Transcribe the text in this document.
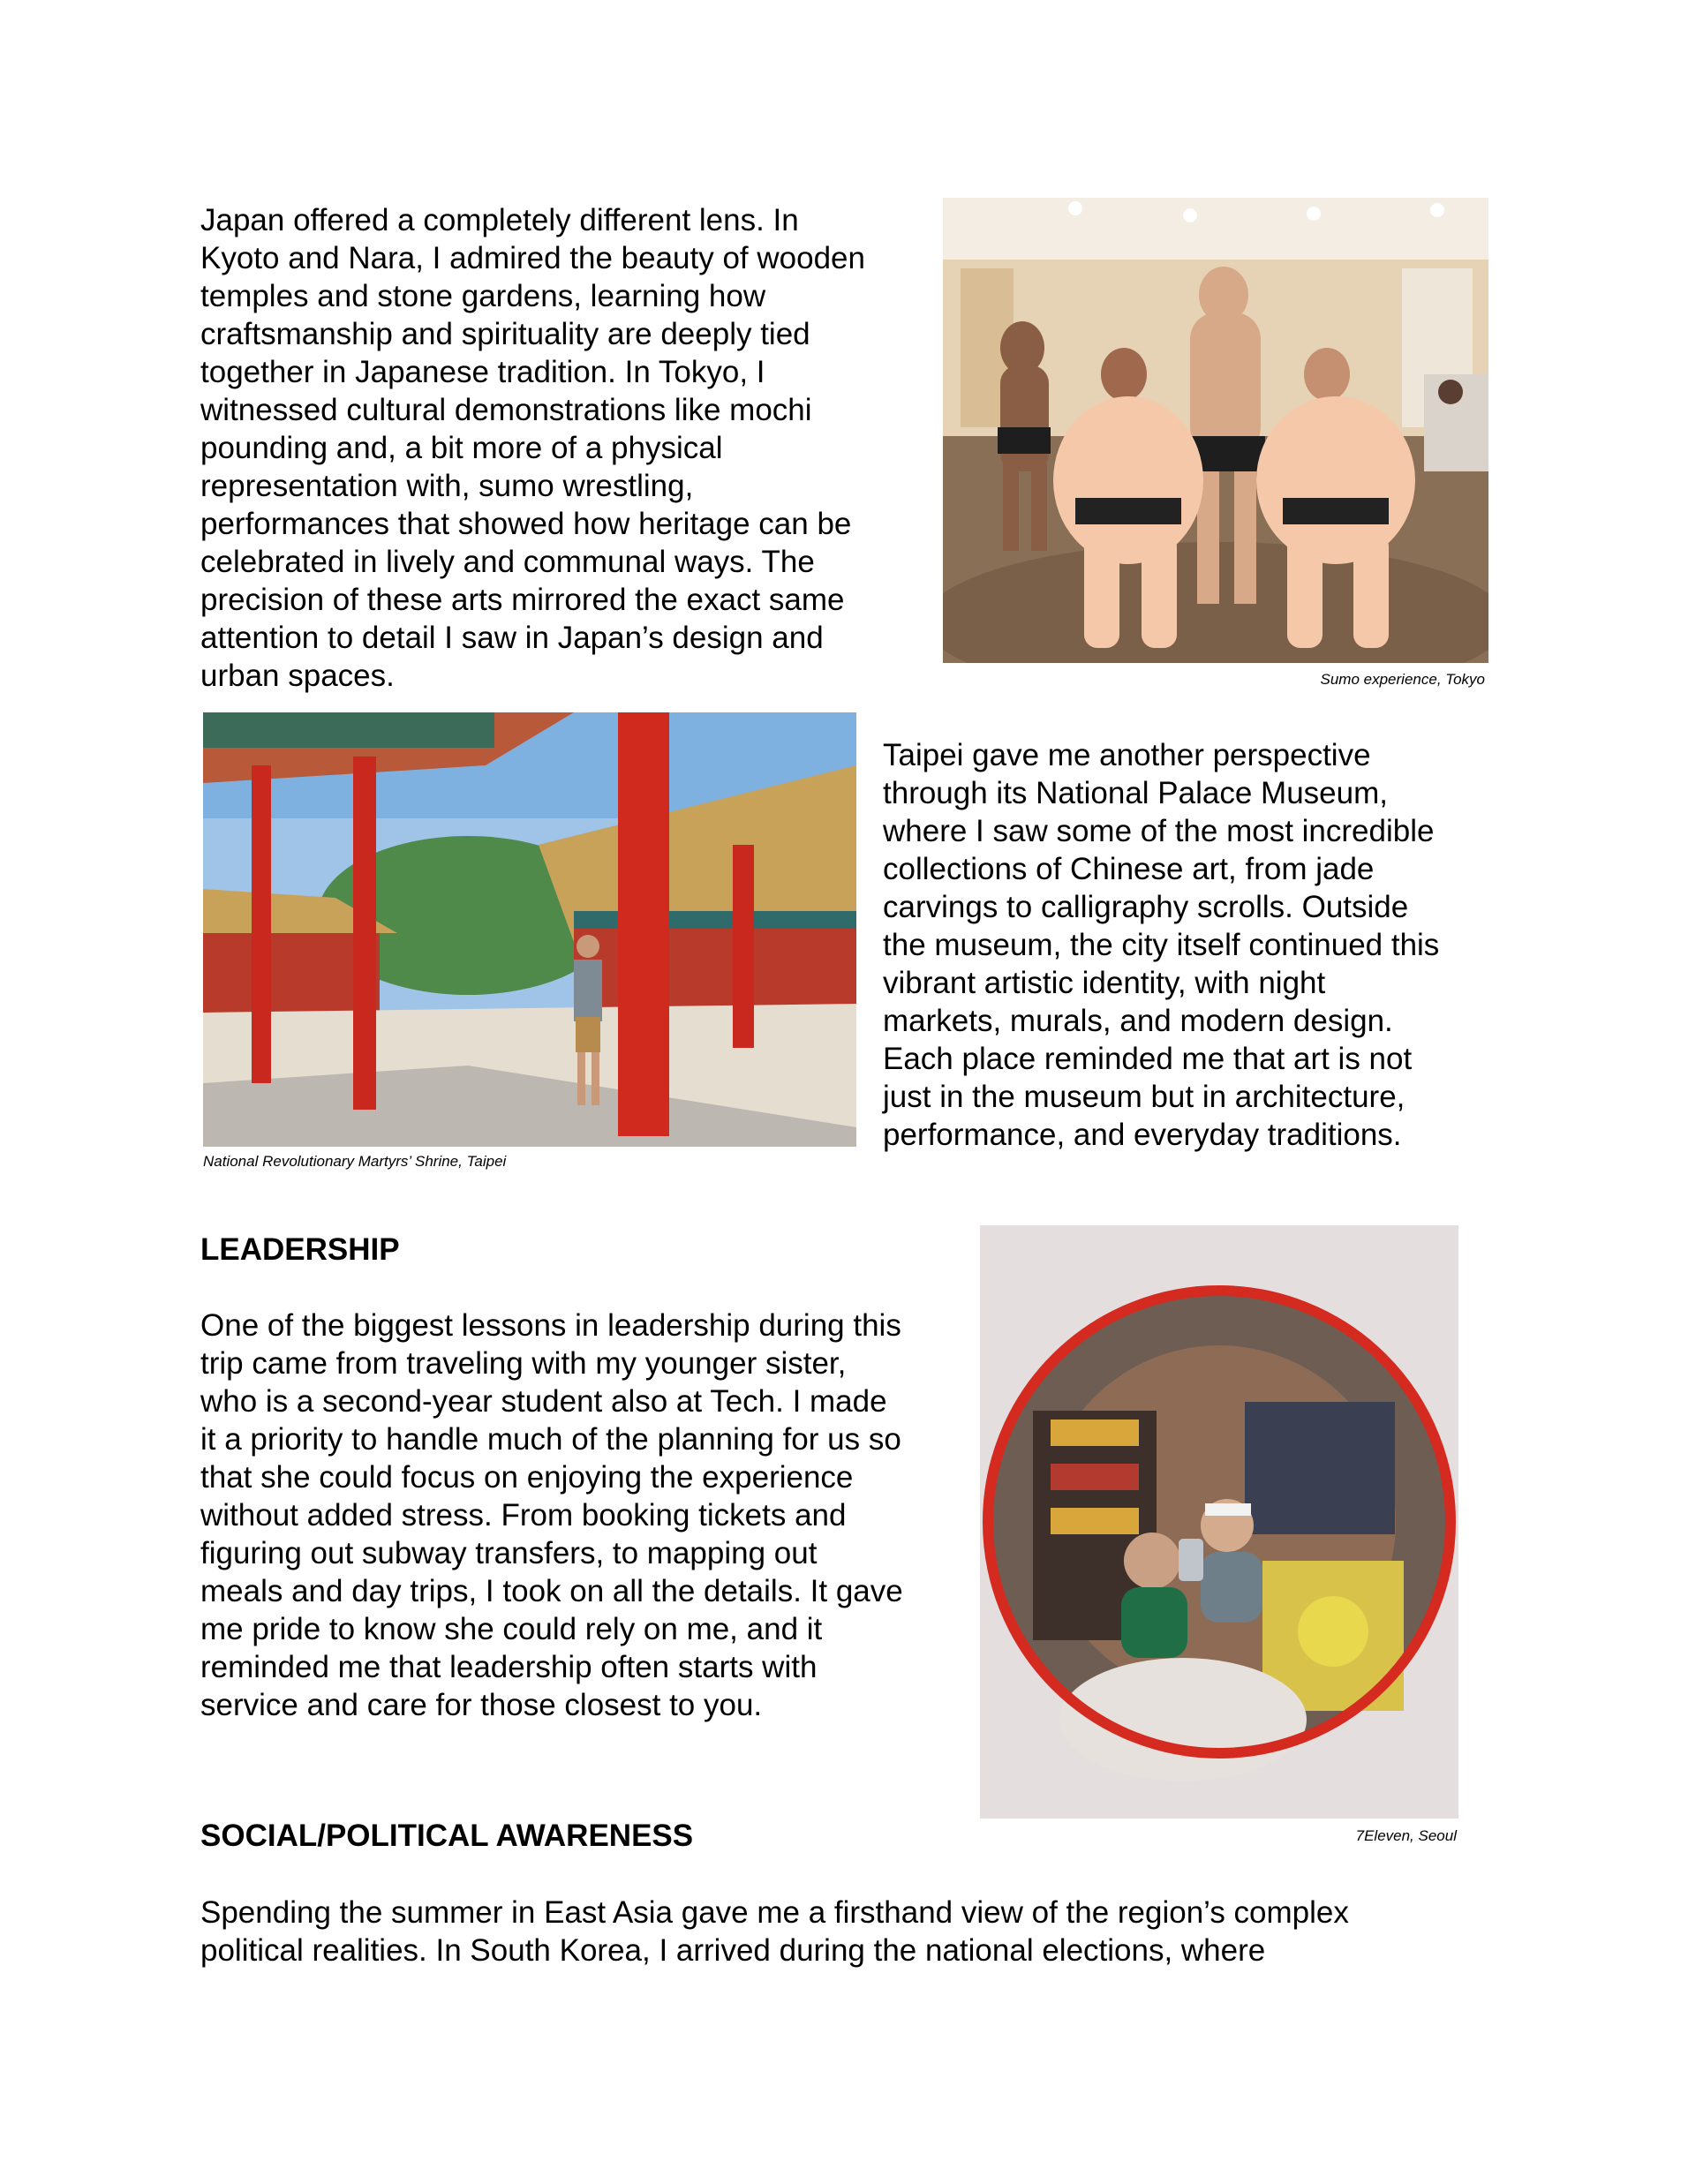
Japan offered a completely different lens. In
Kyoto and Nara, I admired the beauty of wooden
temples and stone gardens, learning how
craftsmanship and spirituality are deeply tied
together in Japanese tradition. In Tokyo, I
witnessed cultural demonstrations like mochi
pounding and, a bit more of a physical
representation with, sumo wrestling,
performances that showed how heritage can be
celebrated in lively and communal ways. The
precision of these arts mirrored the exact same
attention to detail I saw in Japan’s design and
urban spaces.	Sumo experience, Tokyo

National Revolutionary Martyrs’ Shrine, Taipei

Taipei gave me another perspective
through its National Palace Museum,
where I saw some of the most incredible
collections of Chinese art, from jade
carvings to calligraphy scrolls. Outside
the museum, the city itself continued this
vibrant artistic identity, with night
markets, murals, and modern design.
Each place reminded me that art is not
just in the museum but in architecture,
performance, and everyday traditions.

LEADERSHIP

One of the biggest lessons in leadership during this
trip came from traveling with my younger sister,
who is a second-year student also at Tech. I made
it a priority to handle much of the planning for us so
that she could focus on enjoying the experience
without added stress. From booking tickets and
figuring out subway transfers, to mapping out
meals and day trips, I took on all the details. It gave
me pride to know she could rely on me, and it
reminded me that leadership often starts with
service and care for those closest to you.

7Eleven, Seoul

SOCIAL/POLITICAL AWARENESS

Spending the summer in East Asia gave me a firsthand view of the region’s complex
political realities. In South Korea, I arrived during the national elections, where
